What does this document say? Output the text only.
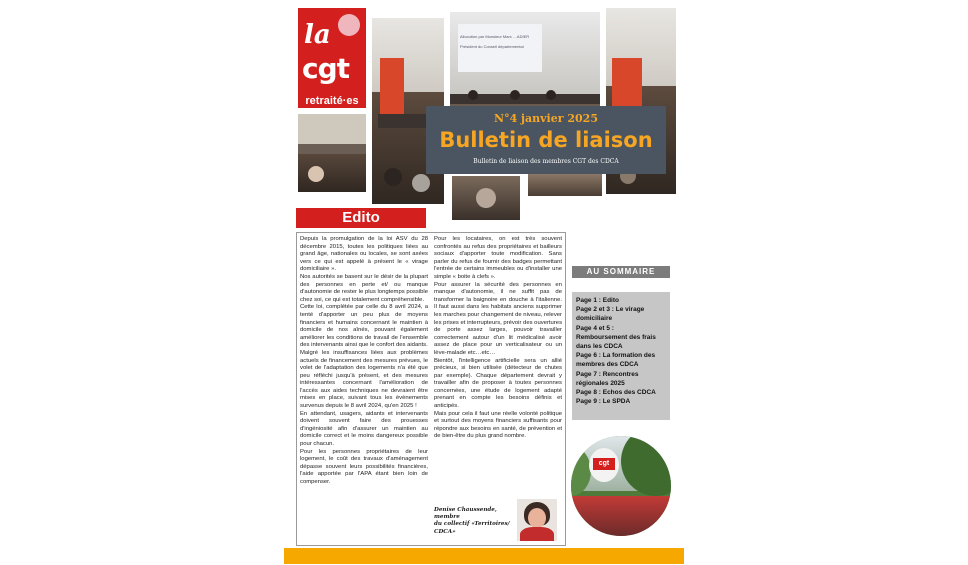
la
cgt
retraité·es
Allocution par Monsieur Marc …ADIER
Président du Conseil départemental
N°4 janvier 2025
Bulletin de liaison
Bulletin de liaison des membres CGT des CDCA
Edito

Depuis la promulgation de la loi ASV du 28 décembre 2015, toutes les politiques liées au grand âge, nationales ou locales, se sont axées vers ce qui est appelé à présent le « virage domiciliaire ».

Nos autorités se basent sur le désir de la plupart des personnes en perte et/ ou manque d'autonomie de rester le plus longtemps possible chez soi, ce qui est totalement compréhensible.

Cette loi, complétée par celle du 8 avril 2024, a tenté d'apporter un peu plus de moyens financiers et humains concernant le maintien à domicile de nos aînés, pouvant également améliorer les conditions de travail de l'ensemble des intervenants ainsi que le confort des aidants.

Malgré les insuffisances liées aux problèmes actuels de financement des mesures prévues, le volet de l'adaptation des logements n'a été que peu réfléchi jusqu'à présent, et des mesures intéressantes concernant l'amélioration de l'accès aux aides techniques ne devraient être mises en place, suivant tous les évènements survenus depuis le 8 avril 2024, qu'en 2025 !

En attendant, usagers, aidants et intervenants doivent souvent faire des prouesses d'ingéniosité afin d'assurer un maintien au domicile correct et le moins dangereux possible pour chacun.

Pour les personnes propriétaires de leur logement, le coût des travaux d'aménagement dépasse souvent leurs possibilités financières, l'aide apportée par l'APA étant bien loin de compenser.

Pour les locataires, on est très souvent confrontés au refus des propriétaires et bailleurs sociaux d'apporter toute modification. Sans parler du refus de fournir des badges permettant l'entrée de certains immeubles ou d'installer une simple « boite à clefs ».

Pour assurer la sécurité des personnes en manque d'autonomie, il ne suffit pas de transformer la baignoire en douche à l'italienne. Il faut aussi dans les habitats anciens supprimer les marches pour changement de niveau, relever les prises et interrupteurs, prévoir des ouvertures de porte assez larges, pouvoir travailler correctement autour d'un lit médicalisé avoir assez de place pour un verticalisateur ou un lève-malade etc…etc…

Bientôt, l'intelligence artificielle sera un allié précieux, si bien utilisée (détecteur de chutes par exemple). Chaque département devrait y travailler afin de proposer à toutes personnes concernées, une étude de logement adapté prenant en compte les besoins définis et anticipés.

Mais pour cela il faut une réelle volonté politique et surtout des moyens financiers suffisants pour répondre aux besoins en santé, de prévention et de bien-être du plus grand nombre.

Denise Chaussende, membre
du collectif «Territoires/
CDCA»
AU SOMMAIRE
Page 1 : Edito
Page 2 et 3 : Le virage domiciliaire
Page 4 et 5 : Remboursement des frais dans les CDCA
Page 6 : La formation des membres des CDCA
Page 7 : Rencontres régionales 2025
Page 8 : Echos des CDCA
Page 9 : Le SPDA
cgt
